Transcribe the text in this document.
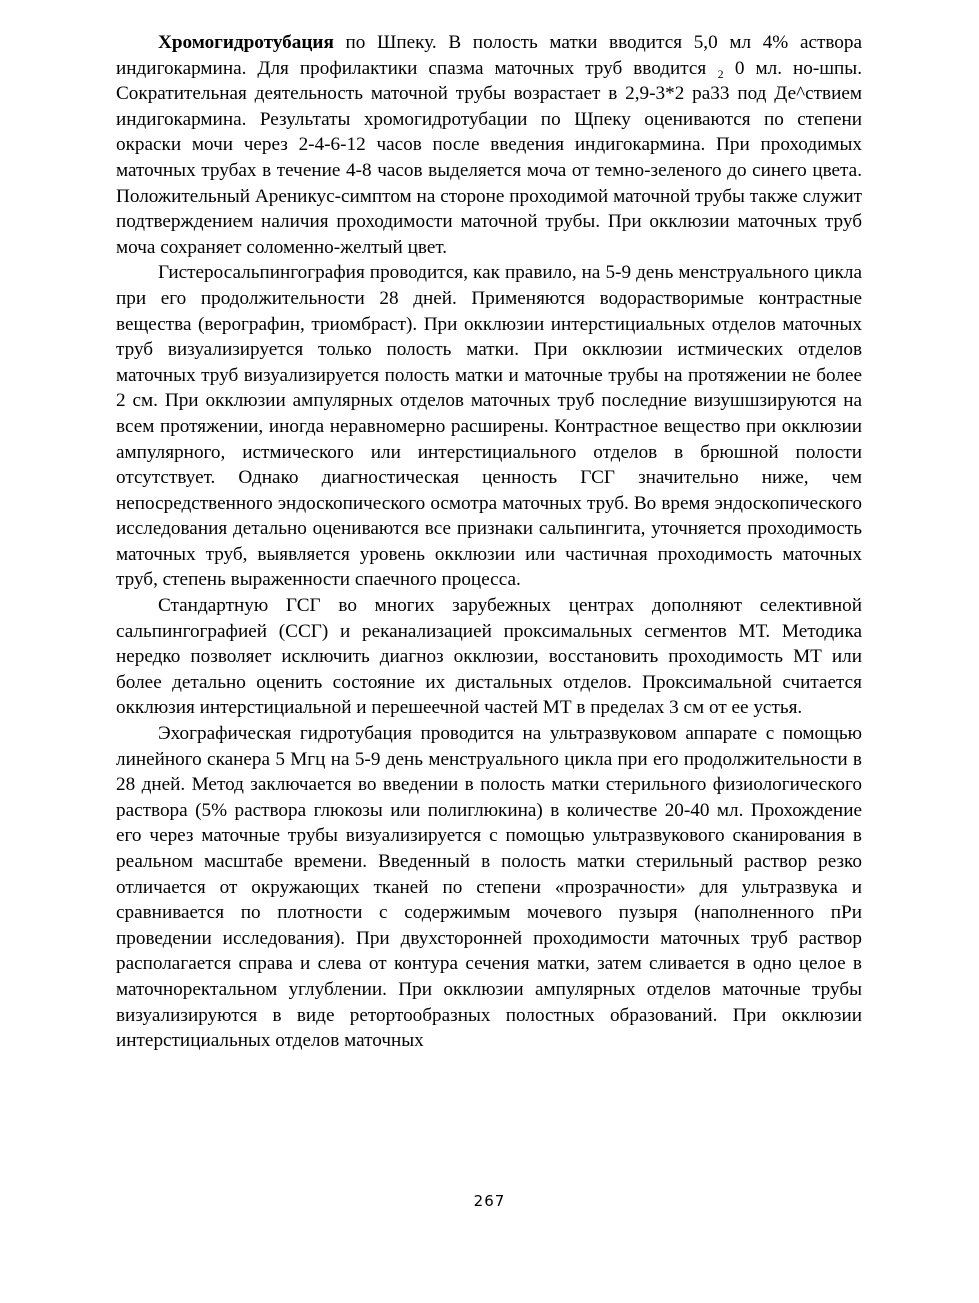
Хромогидротубация по Шпеку. В полость матки вводится 5,0 мл 4% аствора индигокармина. Для профилактики спазма маточных труб вводится ₂ 0 мл. но-шпы. Сократительная деятельность маточной трубы возрастает в 2,9-3*2 ра33 под Де^ствием индигокармина. Результаты хромогидротубации по Щпеку оцениваются по степени окраски мочи через 2-4-6-12 часов после введения индигокармина. При проходимых маточных трубах в течение 4-8 часов выделяется моча от темно-зеленого до синего цвета. Положительный Ареникус-симптом на стороне проходимой маточной трубы также служит подтверждением наличия проходимости маточной трубы. При окклюзии маточных труб моча сохраняет соломенно-желтый цвет.

Гистеросальпингография проводится, как правило, на 5-9 день менструального цикла при его продолжительности 28 дней. Применяются водорастворимые контрастные вещества (верографин, триомбраст). При окклюзии интерстициальных отделов маточных труб визуализируется только полость матки. При окклюзии истмических отделов маточных труб визуализируется полость матки и маточные трубы на протяжении не более 2 см. При окклюзии ампулярных отделов маточных труб последние визушшзируются на всем протяжении, иногда неравномерно расширены. Контрастное вещество при окклюзии ампулярного, истмического или интерстициального отделов в брюшной полости отсутствует. Однако диагностическая ценность ГСГ значительно ниже, чем непосредственного эндоскопического осмотра маточных труб. Во время эндоскопического исследования детально оцениваются все признаки сальпингита, уточняется проходимость маточных труб, выявляется уровень окклюзии или частичная проходимость маточных труб, степень выраженности спаечного процесса.

Стандартную ГСГ во многих зарубежных центрах дополняют селективной сальпингографией (ССГ) и реканализацией проксимальных сегментов МТ. Методика нередко позволяет исключить диагноз окклюзии, восстановить проходимость МТ или более детально оценить состояние их дистальных отделов. Проксимальной считается окклюзия интерстициальной и перешеечной частей МТ в пределах 3 см от ее устья.

Эхографическая гидротубация проводится на ультразвуковом аппарате с помощью линейного сканера 5 Мгц на 5-9 день менструального цикла при его продолжительности в 28 дней. Метод заключается во введении в полость матки стерильного физиологического раствора (5% раствора глюкозы или полиглюкина) в количестве 20-40 мл. Прохождение его через маточные трубы визуализируется с помощью ультразвукового сканирования в реальном масштабе времени. Введенный в полость матки стерильный раствор резко отличается от окружающих тканей по степени «прозрачности» для ультразвука и сравнивается по плотности с содержимым мочевого пузыря (наполненного пРи проведении исследования). При двухсторонней проходимости маточных труб раствор располагается справа и слева от контура сечения матки, затем сливается в одно целое в маточноректальном углублении. При окклюзии ампулярных отделов маточные трубы визуализируются в виде ретортообразных полостных образований. При окклюзии интерстициальных отделов маточных

267
